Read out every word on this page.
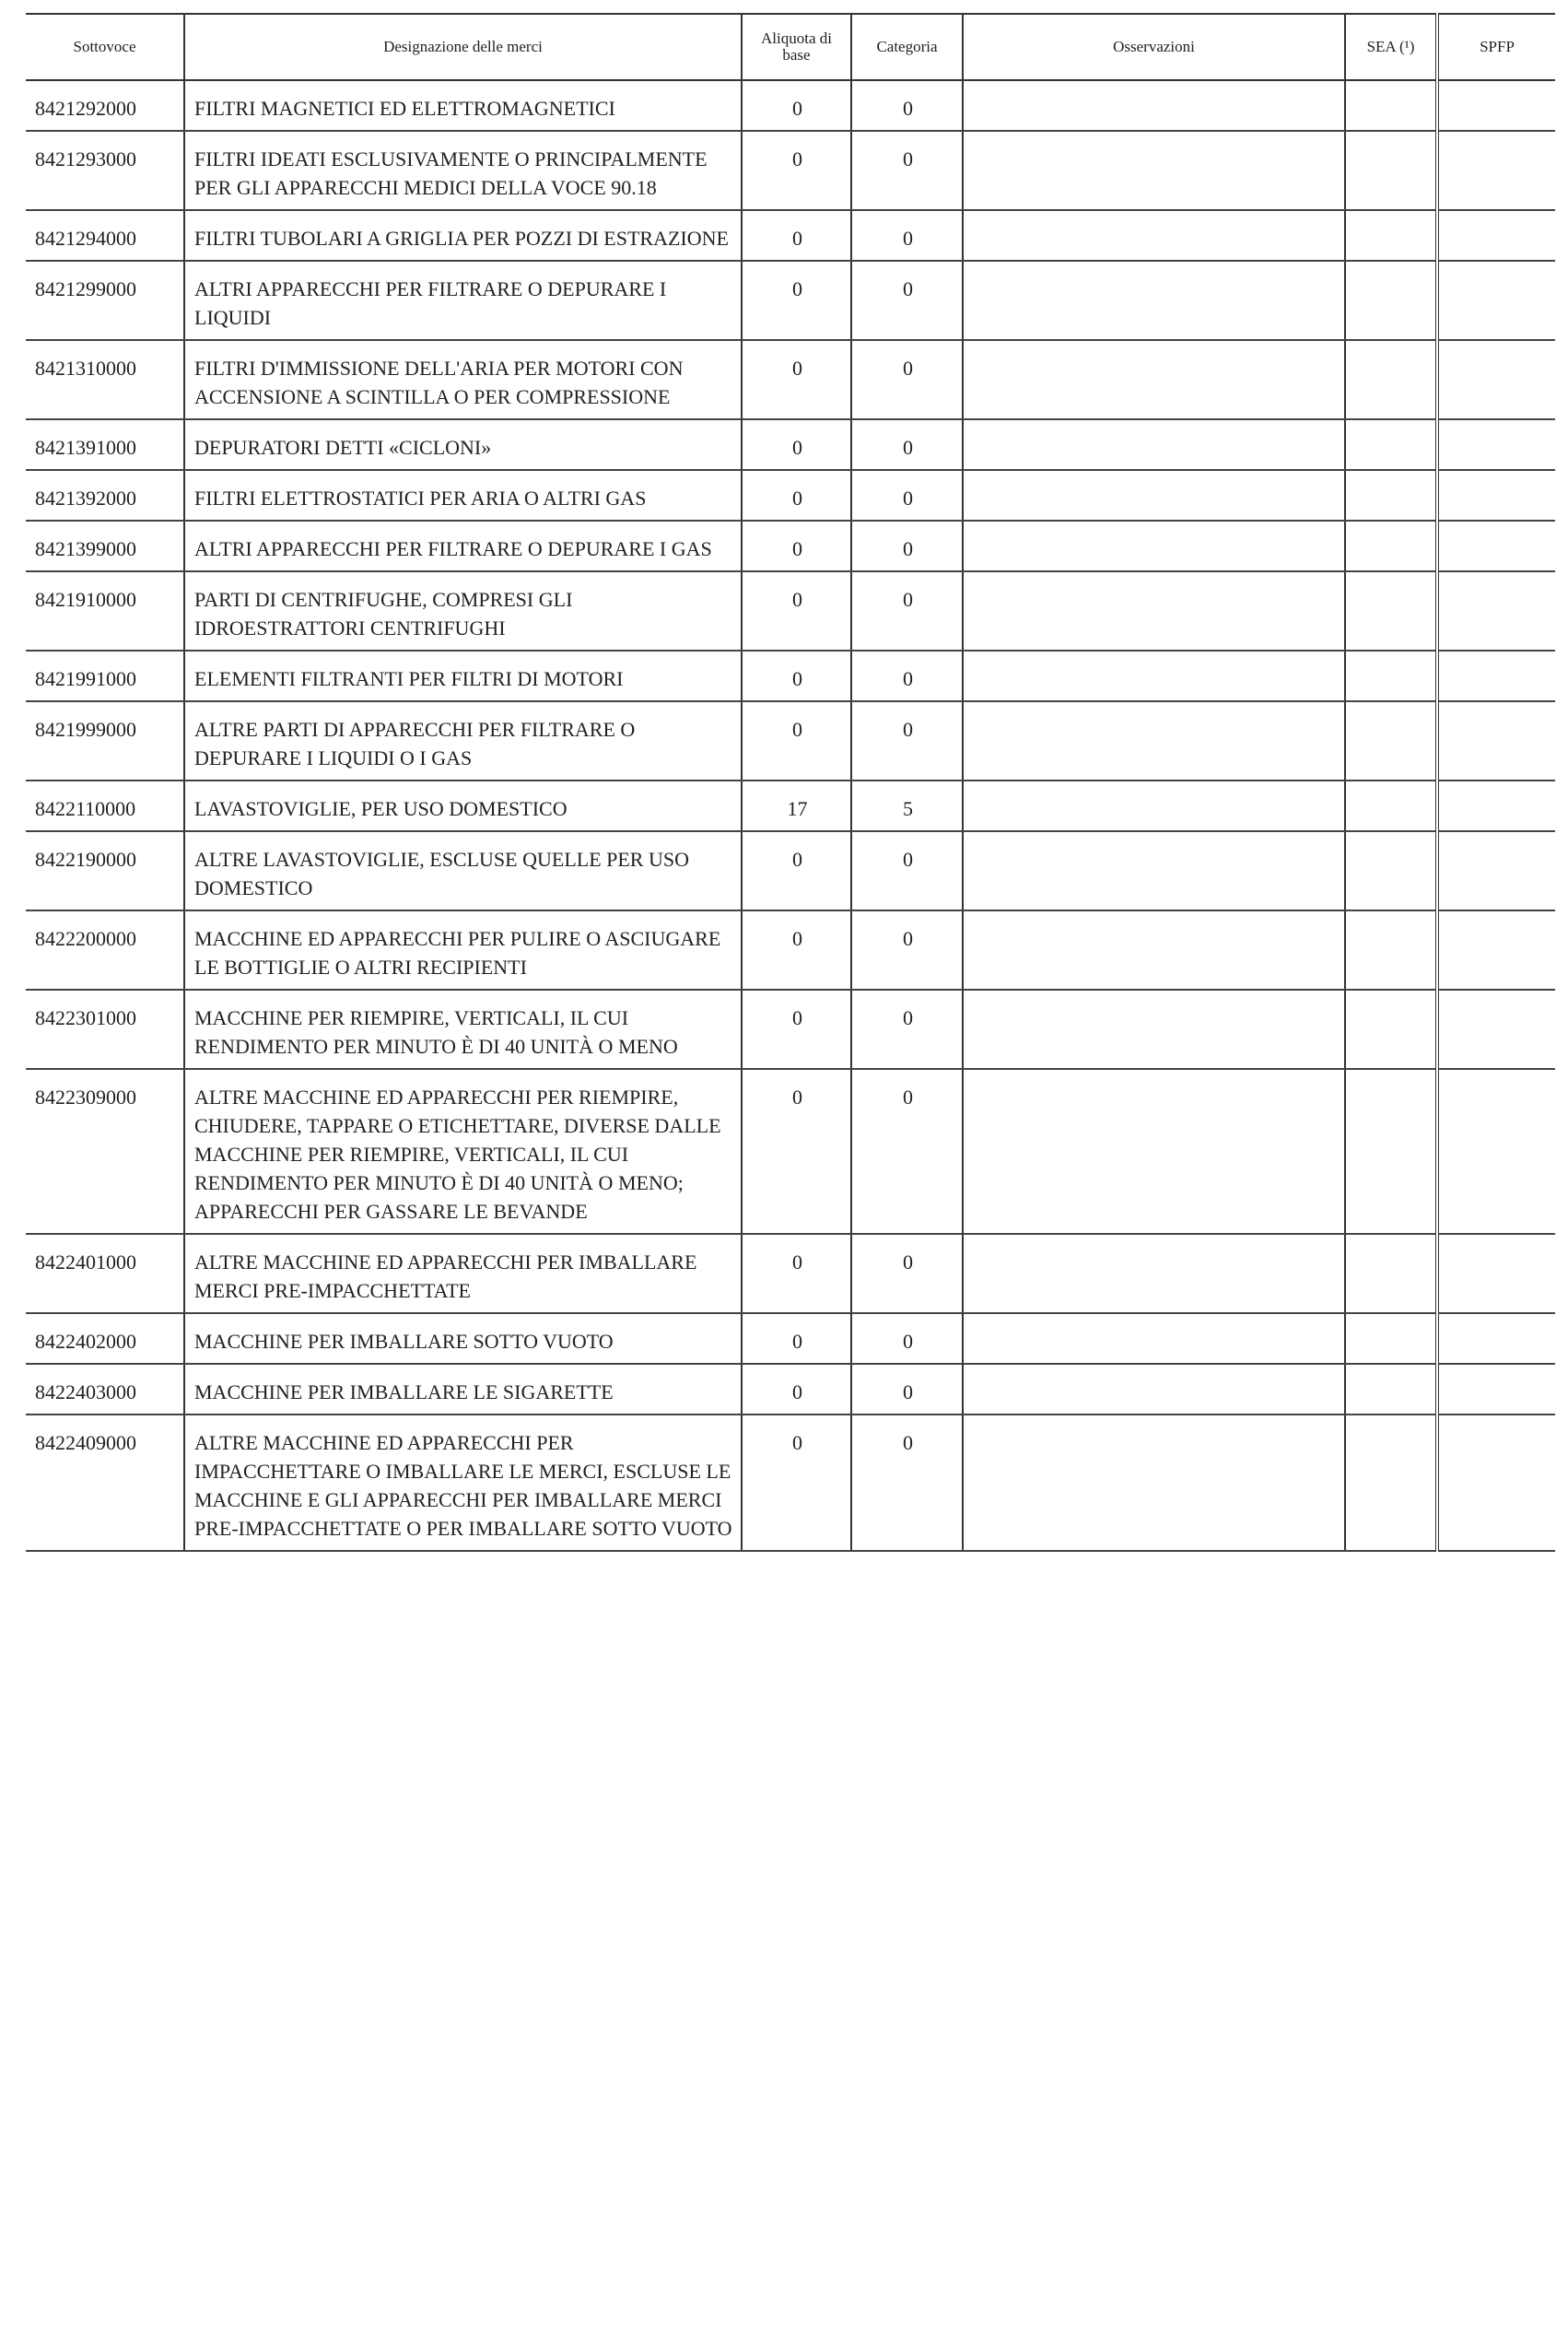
Sottovoce	Designazione delle merci	Aliquota di base	Categoria	Osservazioni	SEA (¹)	SPFP
8421292000	FILTRI MAGNETICI ED ELETTROMAGNETICI	0	0			
8421293000	FILTRI IDEATI ESCLUSIVAMENTE O PRINCIPALMENTE PER GLI APPARECCHI MEDICI DELLA VOCE 90.18	0	0			
8421294000	FILTRI TUBOLARI A GRIGLIA PER POZZI DI ESTRAZIONE	0	0			
8421299000	ALTRI APPARECCHI PER FILTRARE O DEPURARE I LIQUIDI	0	0			
8421310000	FILTRI D'IMMISSIONE DELL'ARIA PER MOTORI CON ACCENSIONE A SCINTILLA O PER COMPRESSIONE	0	0			
8421391000	DEPURATORI DETTI «CICLONI»	0	0			
8421392000	FILTRI ELETTROSTATICI PER ARIA O ALTRI GAS	0	0			
8421399000	ALTRI APPARECCHI PER FILTRARE O DEPURARE I GAS	0	0			
8421910000	PARTI DI CENTRIFUGHE, COMPRESI GLI IDROESTRATTORI CENTRIFUGHI	0	0			
8421991000	ELEMENTI FILTRANTI PER FILTRI DI MOTORI	0	0			
8421999000	ALTRE PARTI DI APPARECCHI PER FILTRARE O DEPURARE I LIQUIDI O I GAS	0	0			
8422110000	LAVASTOVIGLIE, PER USO DOMESTICO	17	5			
8422190000	ALTRE LAVASTOVIGLIE, ESCLUSE QUELLE PER USO DOMESTICO	0	0			
8422200000	MACCHINE ED APPARECCHI PER PULIRE O ASCIUGARE LE BOTTIGLIE O ALTRI RECIPIENTI	0	0			
8422301000	MACCHINE PER RIEMPIRE, VERTICALI, IL CUI RENDIMENTO PER MINUTO È DI 40 UNITÀ O MENO	0	0			
8422309000	ALTRE MACCHINE ED APPARECCHI PER RIEMPIRE, CHIUDERE, TAPPARE O ETICHETTARE, DIVERSE DALLE MACCHINE PER RIEMPIRE, VERTICALI, IL CUI RENDIMENTO PER MINUTO È DI 40 UNITÀ O MENO; APPARECCHI PER GASSARE LE BEVANDE	0	0			
8422401000	ALTRE MACCHINE ED APPARECCHI PER IMBALLARE MERCI PRE-IMPACCHETTATE	0	0			
8422402000	MACCHINE PER IMBALLARE SOTTO VUOTO	0	0			
8422403000	MACCHINE PER IMBALLARE LE SIGARETTE	0	0			
8422409000	ALTRE MACCHINE ED APPARECCHI PER IMPACCHETTARE O IMBALLARE LE MERCI, ESCLUSE LE MACCHINE E GLI APPARECCHI PER IMBALLARE MERCI PRE-IMPACCHETTATE O PER IMBALLARE SOTTO VUOTO	0	0			
